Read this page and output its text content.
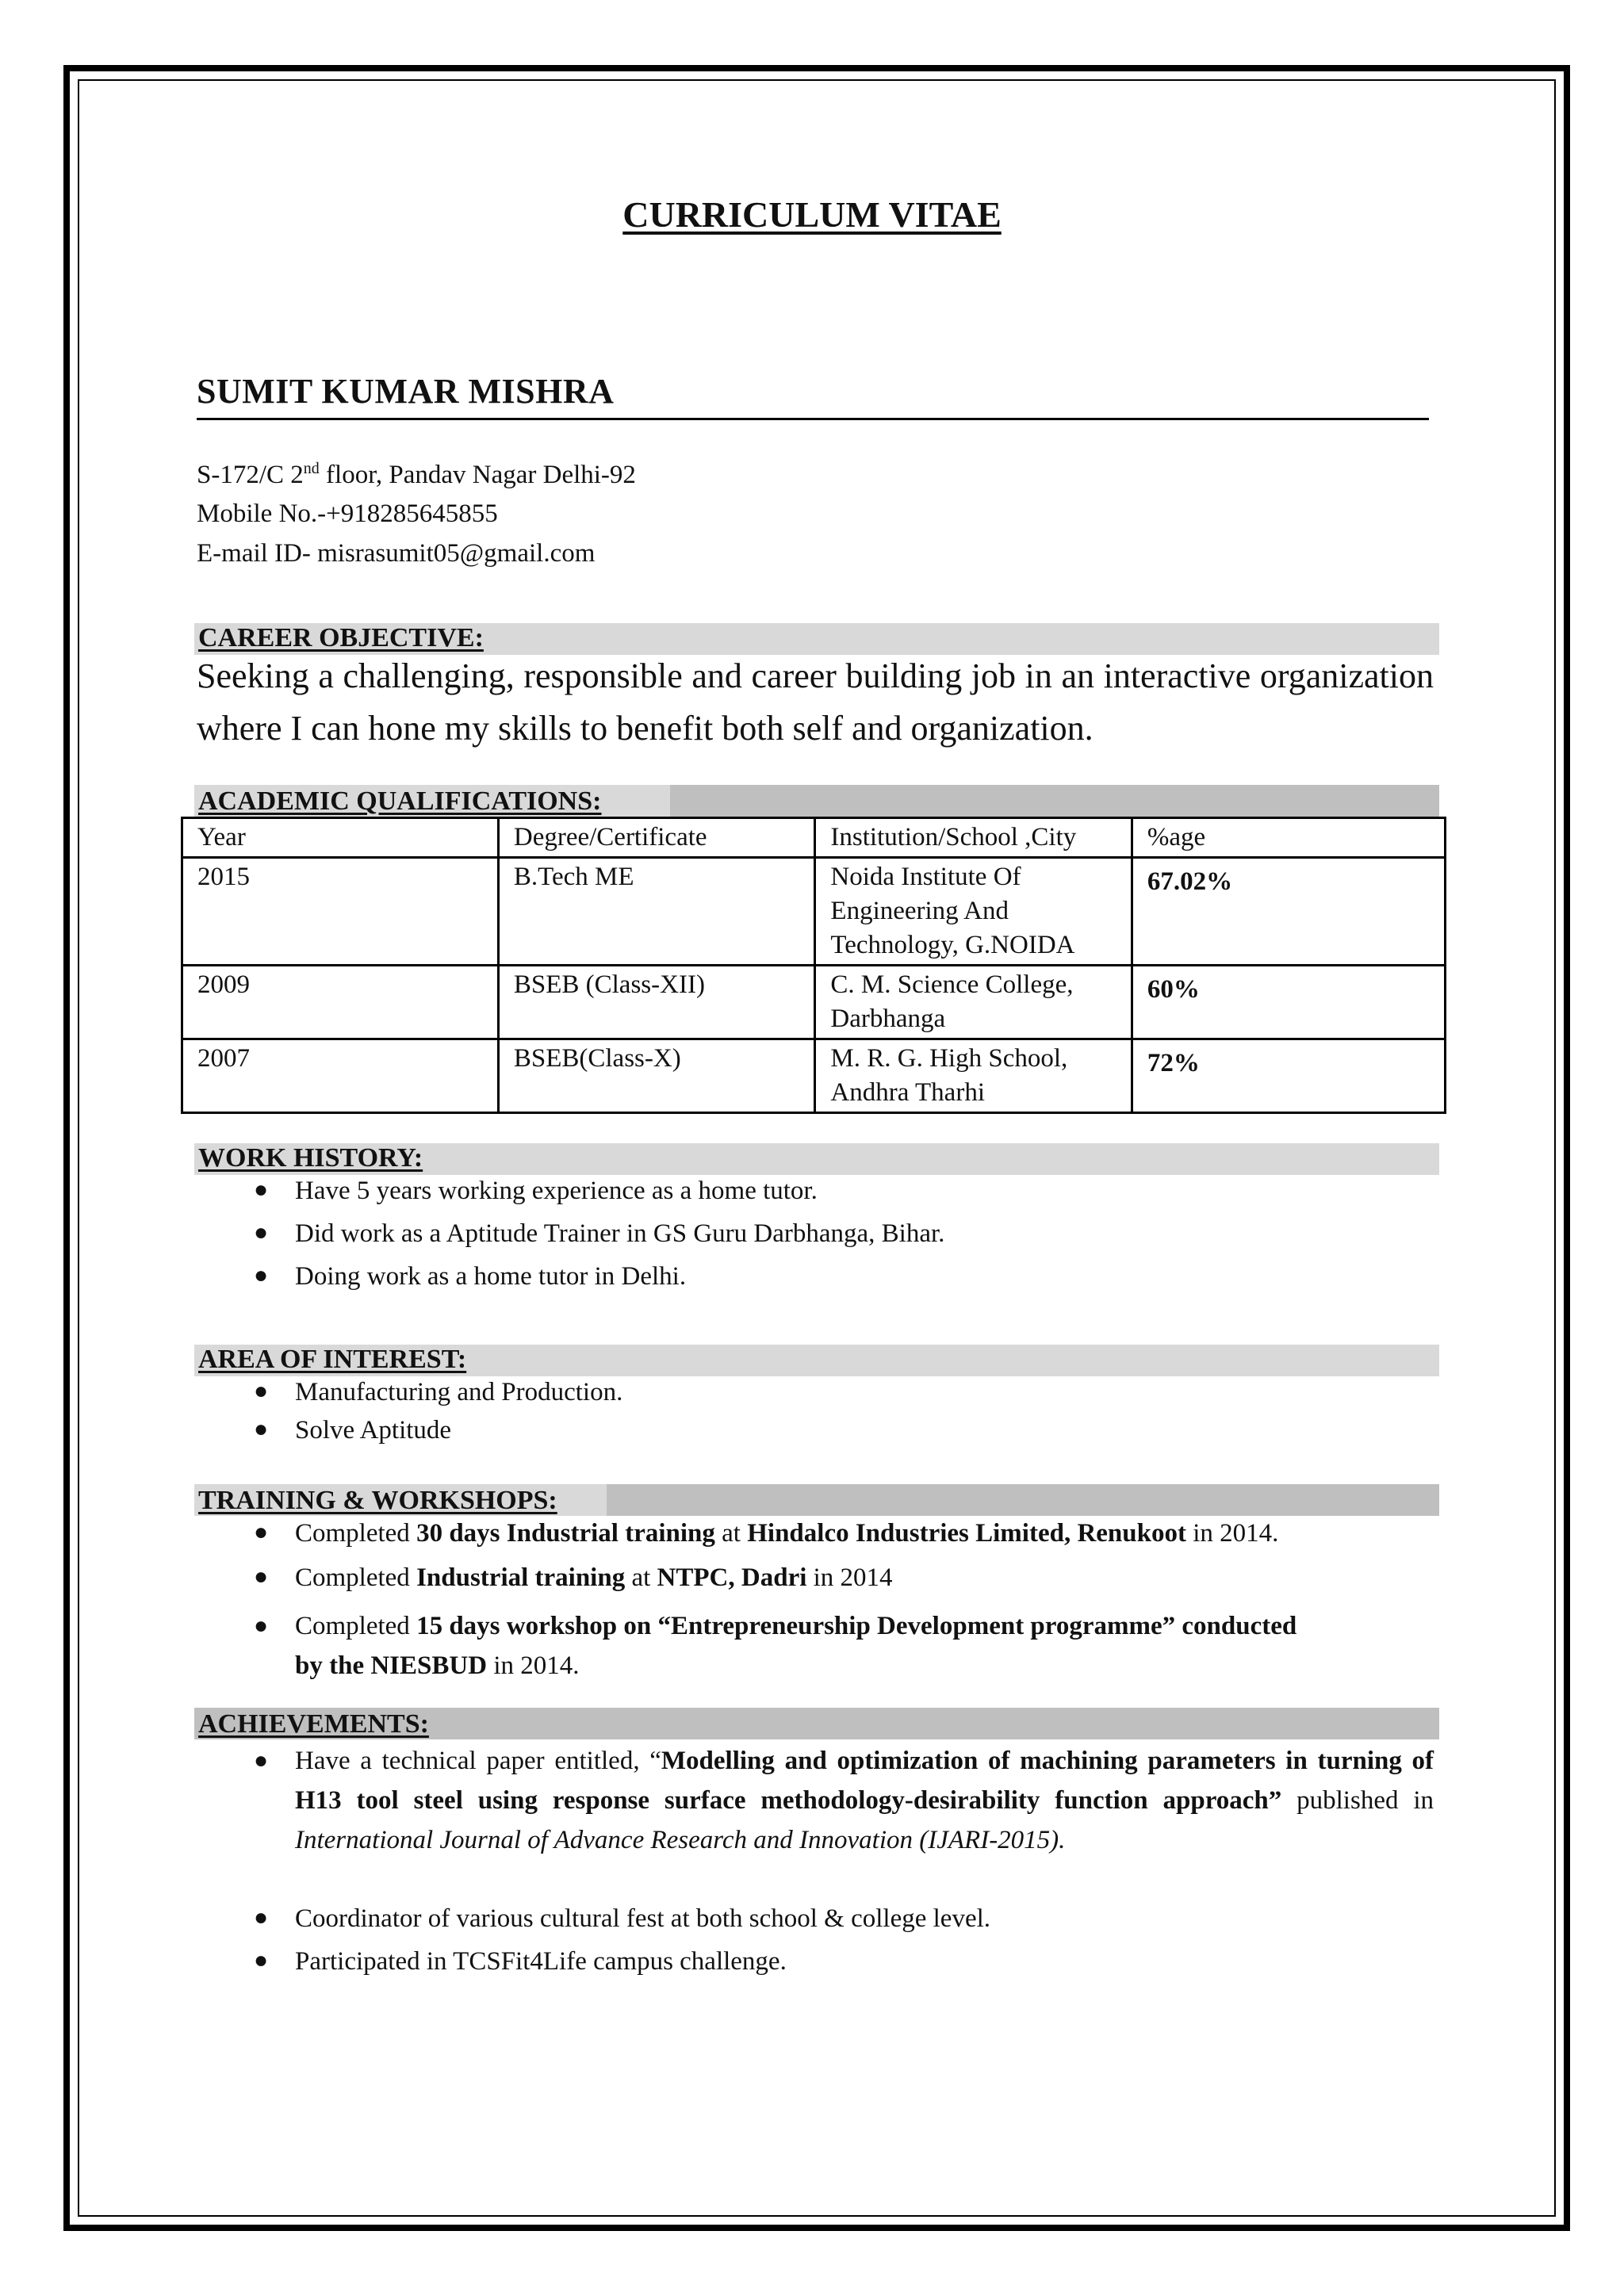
CURRICULUM VITAE
SUMIT KUMAR MISHRA
S-172/C 2nd floor, Pandav Nagar Delhi-92
Mobile No.-+918285645855
E-mail ID- misrasumit05@gmail.com
CAREER OBJECTIVE:
Seeking a challenging, responsible and career building job in an interactive organization where I can hone my skills to benefit both self and organization.
ACADEMIC QUALIFICATIONS:
Year	Degree/Certificate	Institution/School ,City	%age
2015	B.Tech ME	Noida Institute Of Engineering And Technology, G.NOIDA	67.02%
2009	BSEB (Class-XII)	C. M. Science College, Darbhanga	60%
2007	BSEB(Class-X)	M. R. G. High School, Andhra Tharhi	72%
WORK HISTORY:
● Have 5 years working experience as a home tutor.
● Did work as a Aptitude Trainer in GS Guru Darbhanga, Bihar.
● Doing work as a home tutor in Delhi.
AREA OF INTEREST:
● Manufacturing and Production.
● Solve Aptitude
TRAINING & WORKSHOPS:
● Completed 30 days Industrial training at Hindalco Industries Limited, Renukoot in 2014.
● Completed Industrial training at NTPC, Dadri in 2014
● Completed 15 days workshop on “Entrepreneurship Development programme” conducted by the NIESBUD in 2014.
ACHIEVEMENTS:
● Have a technical paper entitled, “Modelling and optimization of machining parameters in turning of H13 tool steel using response surface methodology-desirability function approach” published in International Journal of Advance Research and Innovation (IJARI-2015).
● Coordinator of various cultural fest at both school & college level.
● Participated in TCSFit4Life campus challenge.
